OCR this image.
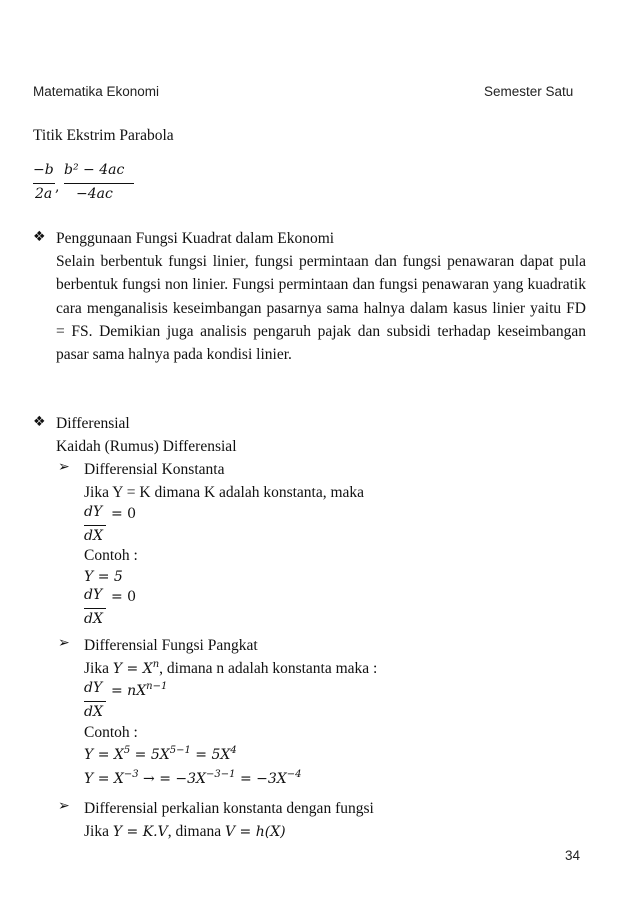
Matematika Ekonomi	Semester Satu
Titik Ekstrim Parabola
−b
2a ,
b² − 4ac
−4ac
❖ Penggunaan Fungsi Kuadrat dalam Ekonomi
Selain berbentuk fungsi linier, fungsi permintaan dan fungsi penawaran dapat pula berbentuk fungsi non linier. Fungsi permintaan dan fungsi penawaran yang kuadratik cara menganalisis keseimbangan pasarnya sama halnya dalam kasus linier yaitu FD = FS. Demikian juga analisis pengaruh pajak dan subsidi terhadap keseimbangan pasar sama halnya pada kondisi linier.
❖ Differensial
Kaidah (Rumus) Differensial
➢ Differensial Konstanta
Jika Y = K dimana K adalah konstanta, maka
dY
dX
= 0
Contoh :
Y = 5
dY
dX
= 0
➢ Differensial Fungsi Pangkat
Jika $Y = X^n$, dimana n adalah konstanta maka :
dY
dX
= $nX^{n-1}$
Contoh :
$Y = X^5 = 5X^{5-1} = 5X^4$
$Y = X^{-3}$ → = $-3X^{-3-1} = -3X^{-4}$
➢ Differensial perkalian konstanta dengan fungsi
Jika Y = K.V, dimana V = h(X)
34
